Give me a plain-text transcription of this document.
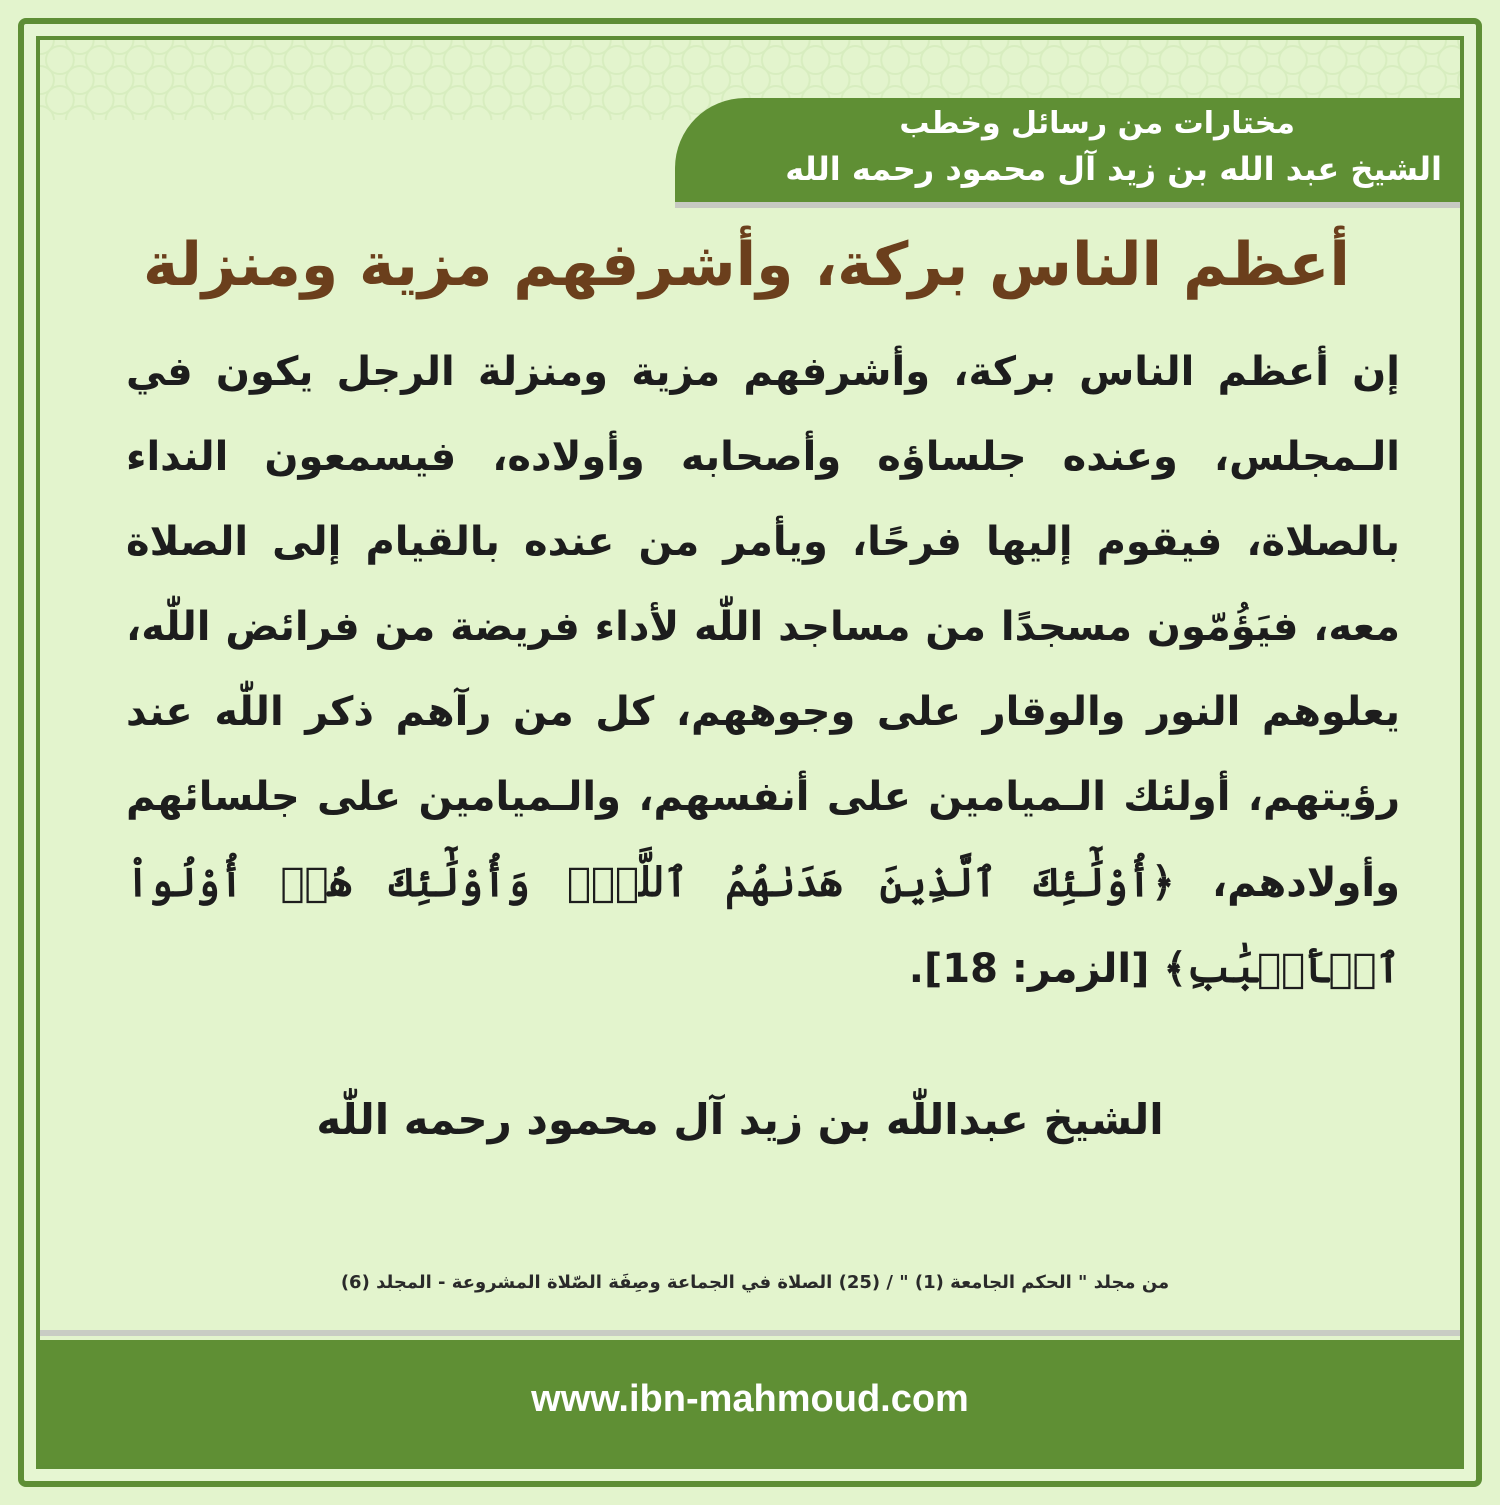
مختارات من رسائل وخطب
الشيخ عبد الله بن زيد آل محمود رحمه الله
أعظم الناس بركة، وأشرفهم مزية ومنزلة
إن أعظم الناس بركة، وأشرفهم مزية ومنزلة الرجل يكون في الـمجلس، وعنده جلساؤه وأصحابه وأولاده، فيسمعون النداء بالصلاة، فيقوم إليها فرحًا، ويأمر من عنده بالقيام إلى الصلاة معه، فيَؤُمّون مسجدًا من مساجد اللّٰه لأداء فريضة من فرائض اللّٰه، يعلوهم النور والوقار على وجوههم، كل من رآهم ذكر اللّٰه عند رؤيتهم، أولئك الـميامين على أنفسهم، والـميامين على جلسائهم وأولادهم، ﴿أُوْلَٰٓئِكَ ٱلَّذِينَ هَدَىٰهُمُ ٱللَّهُۖ وَأُوْلَٰٓئِكَ هُمۡ أُوْلُواْ ٱلۡأَلۡبَٰبِ﴾ [الزمر: 18].
الشيخ عبداللّٰه بن زيد آل محمود رحمه اللّٰه
من مجلد " الحكم الجامعة (1) " / (25) الصلاة في الجماعة وصِفَة الصّلاة المشروعة - المجلد (6)
www.ibn-mahmoud.com
